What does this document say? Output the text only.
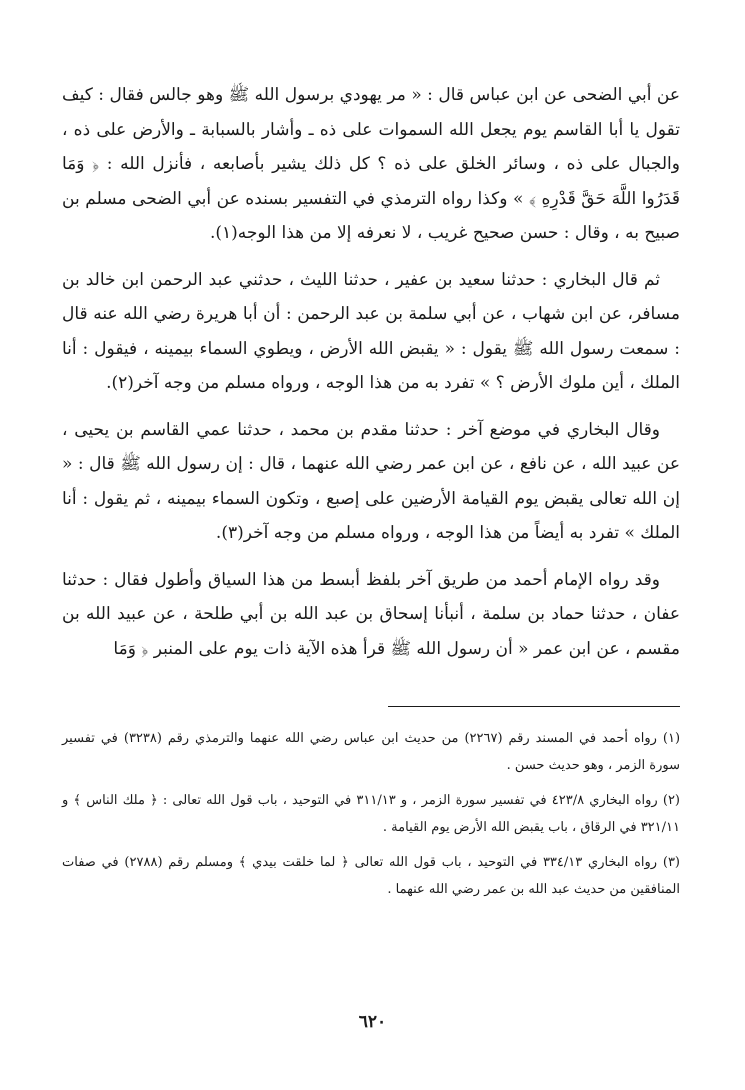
عن أبي الضحى عن ابن عباس قال : « مر يهودي برسول الله ﷺ وهو جالس فقال : كيف تقول يا أبا القاسم يوم يجعل الله السموات على ذه ـ وأشار بالسبابة ـ والأرض على ذه ، والجبال على ذه ، وسائر الخلق على ذه ؟ كل ذلك يشير بأصابعه ، فأنزل الله : ﴿ وَمَا قَدَرُوا اللَّهَ حَقَّ قَدْرِهِ ﴾ » وكذا رواه الترمذي في التفسير بسنده عن أبي الضحى مسلم بن صبيح به ، وقال : حسن صحيح غريب ، لا نعرفه إلا من هذا الوجه(١).

ثم قال البخاري : حدثنا سعيد بن عفير ، حدثنا الليث ، حدثني عبد الرحمن ابن خالد بن مسافر، عن ابن شهاب ، عن أبي سلمة بن عبد الرحمن : أن أبا هريرة رضي الله عنه قال : سمعت رسول الله ﷺ يقول : « يقبض الله الأرض ، ويطوي السماء بيمينه ، فيقول : أنا الملك ، أين ملوك الأرض ؟ » تفرد به من هذا الوجه ، ورواه مسلم من وجه آخر(٢).

وقال البخاري في موضع آخر : حدثنا مقدم بن محمد ، حدثنا عمي القاسم بن يحيى ، عن عبيد الله ، عن نافع ، عن ابن عمر رضي الله عنهما ، قال : إن رسول الله ﷺ قال : « إن الله تعالى يقبض يوم القيامة الأرضين على إصبع ، وتكون السماء بيمينه ، ثم يقول : أنا الملك » تفرد به أيضاً من هذا الوجه ، ورواه مسلم من وجه آخر(٣).

وقد رواه الإمام أحمد من طريق آخر بلفظ أبسط من هذا السياق وأطول فقال : حدثنا عفان ، حدثنا حماد بن سلمة ، أنبأنا إسحاق بن عبد الله بن أبي طلحة ، عن عبيد الله بن مقسم ، عن ابن عمر « أن رسول الله ﷺ قرأ هذه الآية ذات يوم على المنبر ﴿ وَمَا

(١) رواه أحمد في المسند رقم (٢٢٦٧) من حديث ابن عباس رضي الله عنهما والترمذي رقم (٣٢٣٨) في تفسير سورة الزمر ، وهو حديث حسن .

(٢) رواه البخاري ٤٢٣/٨ في تفسير سورة الزمر ، و ٣١١/١٣ في التوحيد ، باب قول الله تعالى : ﴿ ملك الناس ﴾ و ٣٢١/١١ في الرقاق ، باب يقبض الله الأرض يوم القيامة .

(٣) رواه البخاري ٣٣٤/١٣ في التوحيد ، باب قول الله تعالى ﴿ لما خلقت بيدي ﴾ ومسلم رقم (٢٧٨٨) في صفات المنافقين من حديث عبد الله بن عمر رضي الله عنهما .

٦٢٠
